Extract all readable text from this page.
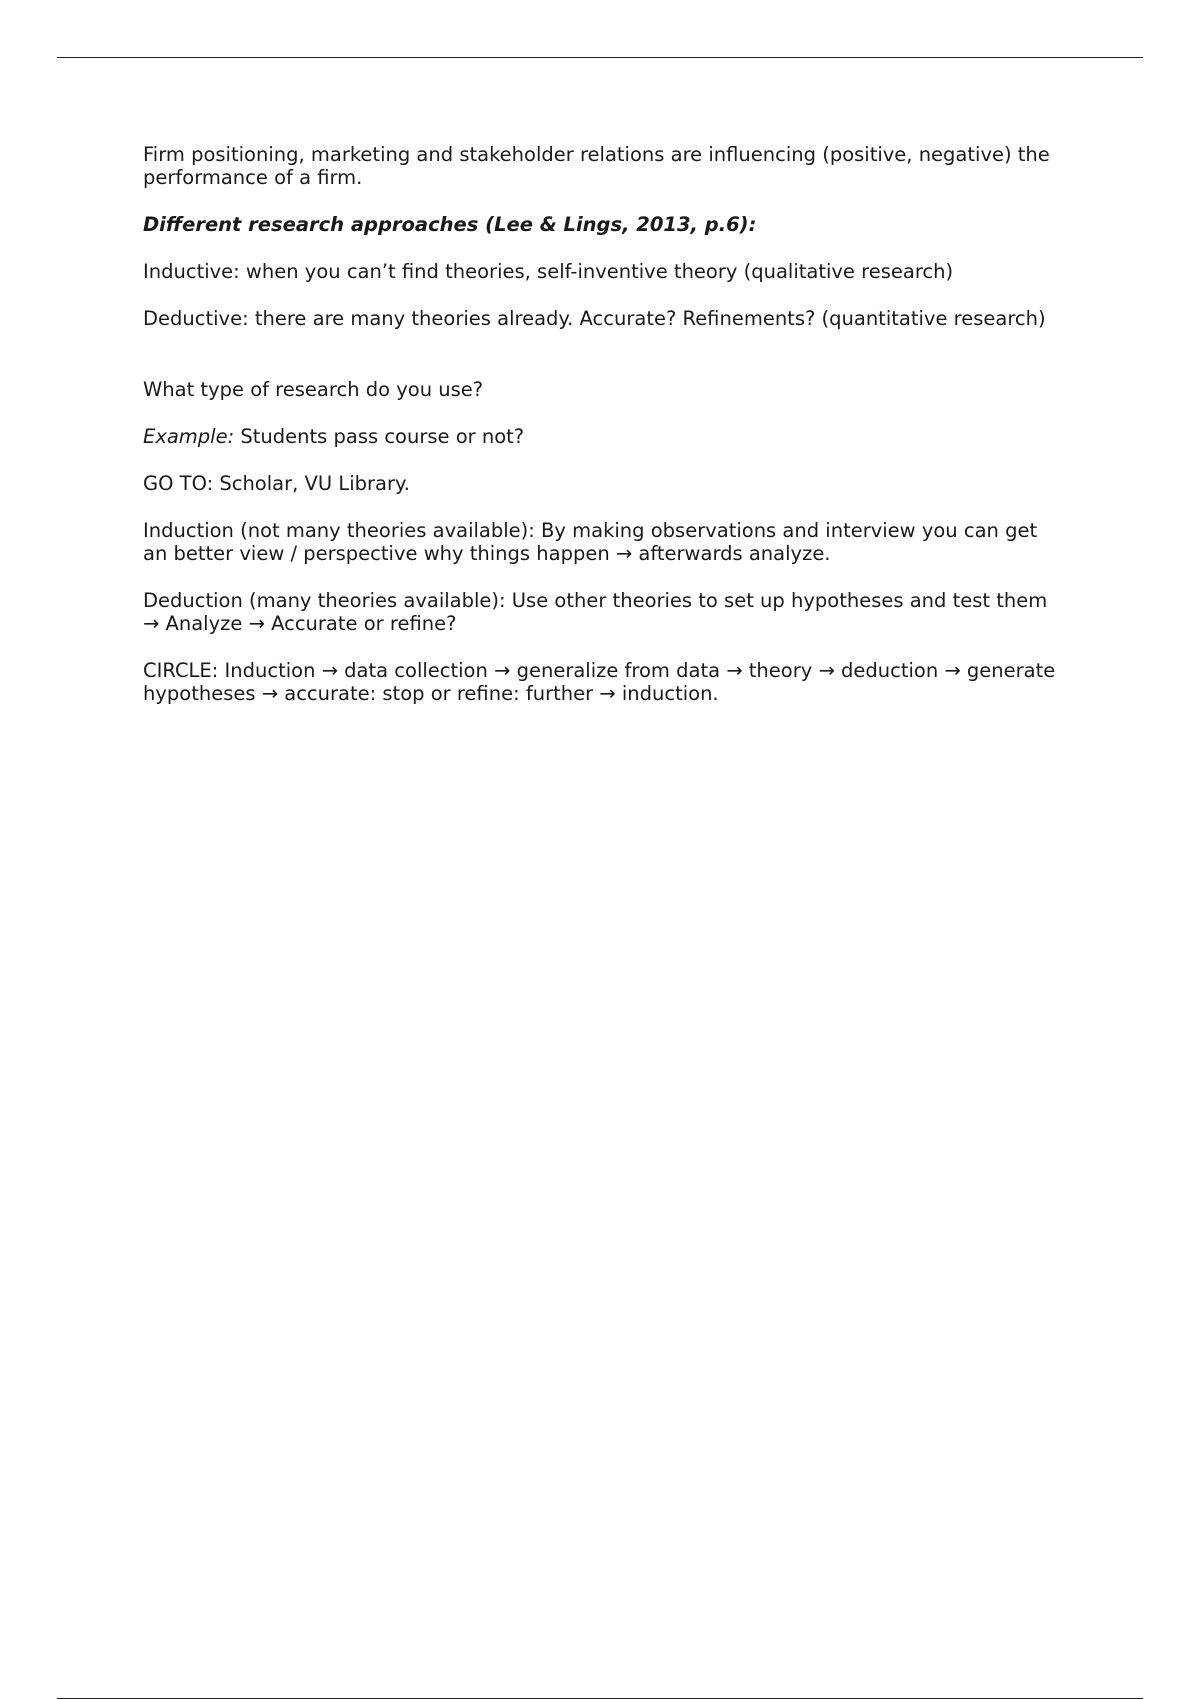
Firm positioning, marketing and stakeholder relations are influencing (positive, negative) the performance of a firm.

Different research approaches (Lee & Lings, 2013, p.6):

Inductive: when you can’t find theories, self-inventive theory (qualitative research)

Deductive: there are many theories already. Accurate? Refinements? (quantitative research)

What type of research do you use?

Example: Students pass course or not?

GO TO: Scholar, VU Library.

Induction (not many theories available): By making observations and interview you can get an better view / perspective why things happen → afterwards analyze.

Deduction (many theories available): Use other theories to set up hypotheses and test them → Analyze → Accurate or refine?

CIRCLE: Induction → data collection → generalize from data → theory → deduction → generate hypotheses → accurate: stop or refine: further → induction.
